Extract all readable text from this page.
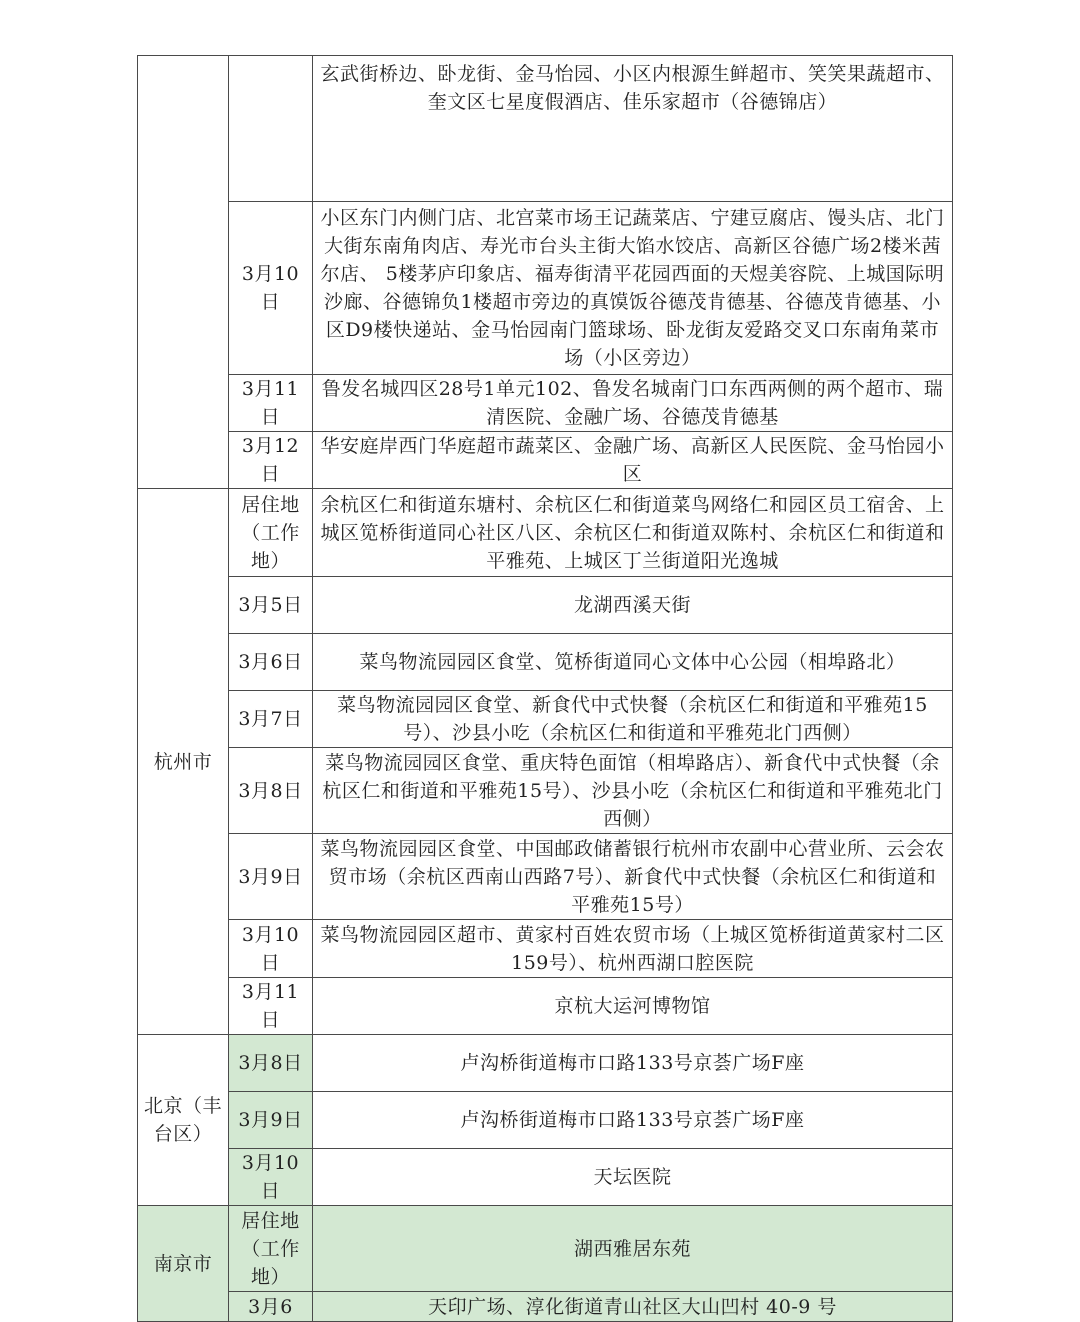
		玄武街桥边、卧龙街、金马怡园、小区内根源生鲜超市、笑笑果蔬超市、奎文区七星度假酒店、佳乐家超市（谷德锦店）
	3月10日	小区东门内侧门店、北宫菜市场王记蔬菜店、宁建豆腐店、馒头店、北门大街东南角肉店、寿光市台头主街大馅水饺店、高新区谷德广场2楼米茜尔店、 5楼茅庐印象店、福寿街清平花园西面的天煜美容院、上城国际明沙廊、谷德锦负1楼超市旁边的真馍饭谷德茂肯德基、谷德茂肯德基、小区D9楼快递站、金马怡园南门篮球场、卧龙街友爱路交叉口东南角菜市场（小区旁边）
	3月11日	鲁发名城四区28号1单元102、鲁发名城南门口东西两侧的两个超市、瑞清医院、金融广场、谷德茂肯德基
	3月12日	华安庭岸西门华庭超市蔬菜区、金融广场、高新区人民医院、金马怡园小区
杭州市	居住地（工作地）	余杭区仁和街道东塘村、余杭区仁和街道菜鸟网络仁和园区员工宿舍、上城区笕桥街道同心社区八区、余杭区仁和街道双陈村、余杭区仁和街道和平雅苑、上城区丁兰街道阳光逸城
	3月5日	龙湖西溪天街
	3月6日	菜鸟物流园园区食堂、笕桥街道同心文体中心公园（相埠路北）
	3月7日	菜鸟物流园园区食堂、新食代中式快餐（余杭区仁和街道和平雅苑15号）、沙县小吃（余杭区仁和街道和平雅苑北门西侧）
	3月8日	菜鸟物流园园区食堂、重庆特色面馆（相埠路店）、新食代中式快餐（余杭区仁和街道和平雅苑15号）、沙县小吃（余杭区仁和街道和平雅苑北门西侧）
	3月9日	菜鸟物流园园区食堂、中国邮政储蓄银行杭州市农副中心营业所、云会农贸市场（余杭区西南山西路7号）、新食代中式快餐（余杭区仁和街道和平雅苑15号）
	3月10日	菜鸟物流园园区超市、黄家村百姓农贸市场（上城区笕桥街道黄家村二区159号）、杭州西湖口腔医院
	3月11日	京杭大运河博物馆
北京（丰台区）	3月8日	卢沟桥街道梅市口路133号京荟广场F座
	3月9日	卢沟桥街道梅市口路133号京荟广场F座
	3月10日	天坛医院
南京市	居住地（工作地）	湖西雅居东苑
	3月6	天印广场、淳化街道青山社区大山凹村 40-9 号
